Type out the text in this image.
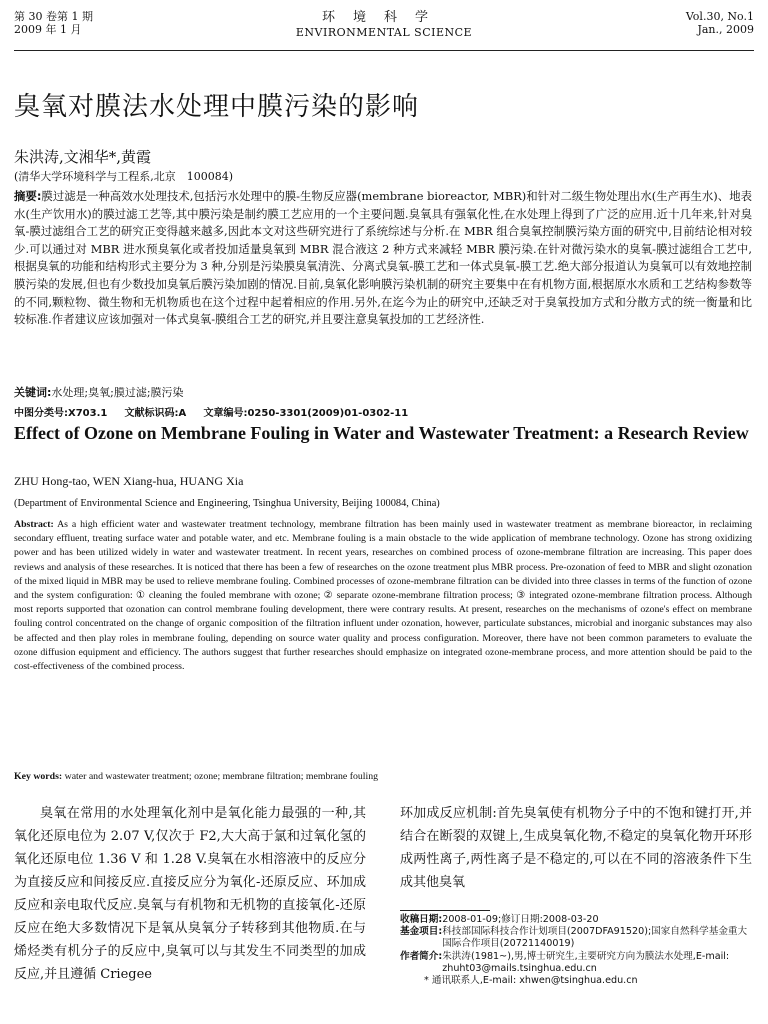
第 30 卷第 1 期
2009 年 1 月
环境科学
ENVIRONMENTAL SCIENCE
Vol.30, No.1
Jan., 2009
臭氧对膜法水处理中膜污染的影响
朱洪涛,文湘华*,黄霞
(清华大学环境科学与工程系,北京　100084)

摘要:膜过滤是一种高效水处理技术,包括污水处理中的膜-生物反应器(membrane bioreactor, MBR)和针对二级生物处理出水(生产再生水)、地表水(生产饮用水)的膜过滤工艺等,其中膜污染是制约膜工艺应用的一个主要问题.臭氧具有强氧化性,在水处理上得到了广泛的应用.近十几年来,针对臭氧-膜过滤组合工艺的研究正变得越来越多,因此本文对这些研究进行了系统综述与分析.在 MBR 组合臭氧控制膜污染方面的研究中,目前结论相对较少.可以通过对 MBR 进水预臭氧化或者投加适量臭氧到 MBR 混合液这 2 种方式来减轻 MBR 膜污染.在针对微污染水的臭氧-膜过滤组合工艺中,根据臭氧的功能和结构形式主要分为 3 种,分别是污染膜臭氧清洗、分离式臭氧-膜工艺和一体式臭氧-膜工艺.绝大部分报道认为臭氧可以有效地控制膜污染的发展,但也有少数投加臭氧后膜污染加剧的情况.目前,臭氧化影响膜污染机制的研究主要集中在有机物方面,根据原水水质和工艺结构参数等的不同,颗粒物、微生物和无机物质也在这个过程中起着相应的作用.另外,在迄今为止的研究中,还缺乏对于臭氧投加方式和分散方式的统一衡量和比较标准.作者建议应该加强对一体式臭氧-膜组合工艺的研究,并且要注意臭氧投加的工艺经济性.

关键词:水处理;臭氧;膜过滤;膜污染
中图分类号:X703.1 文献标识码:A 文章编号:0250-3301(2009)01-0302-11
Effect of Ozone on Membrane Fouling in Water and Wastewater Treatment: a Research Review
ZHU Hong-tao, WEN Xiang-hua, HUANG Xia
(Department of Environmental Science and Engineering, Tsinghua University, Beijing 100084, China)

Abstract: As a high efficient water and wastewater treatment technology, membrane filtration has been mainly used in wastewater treatment as membrane bioreactor, in reclaiming secondary effluent, treating surface water and potable water, and etc. Membrane fouling is a main obstacle to the wide application of membrane technology. Ozone has strong oxidizing power and has been utilized widely in water and wastewater treatment. In recent years, researches on combined process of ozone-membrane filtration are increasing. This paper does reviews and analysis of these researches. It is noticed that there has been a few of researches on the ozone treatment plus MBR process. Pre-ozonation of feed to MBR and slight ozonation of the mixed liquid in MBR may be used to relieve membrane fouling. Combined processes of ozone-membrane filtration can be divided into three classes in terms of the function of ozone and the system configuration: ① cleaning the fouled membrane with ozone; ② separate ozone-membrane filtration process; ③ integrated ozone-membrane filtration process. Although most reports supported that ozonation can control membrane fouling development, there were contrary results. At present, researches on the mechanisms of ozone's effect on membrane fouling control concentrated on the change of organic composition of the filtration influent under ozonation, however, particulate substances, microbial and inorganic substances may also be affected and then play roles in membrane fouling, depending on source water quality and process configuration. Moreover, there have not been common parameters to evaluate the ozone diffusion equipment and efficiency. The authors suggest that further researches should emphasize on integrated ozone-membrane process, and more attention should be paid to the cost-effectiveness of the combined process.

Key words: water and wastewater treatment; ozone; membrane filtration; membrane fouling

臭氧在常用的水处理氧化剂中是氧化能力最强的一种,其氧化还原电位为 2.07 V,仅次于 F2,大大高于氯和过氧化氢的氧化还原电位 1.36 V 和 1.28 V.臭氧在水相溶液中的反应分为直接反应和间接反应.直接反应分为氧化-还原反应、环加成反应和亲电取代反应.臭氧与有机物和无机物的直接氧化-还原反应在绝大多数情况下是氧从臭氧分子转移到其他物质.在与烯烃类有机分子的反应中,臭氧可以与其发生不同类型的加成反应,并且遵循 Criegee

环加成反应机制:首先臭氧使有机物分子中的不饱和键打开,并结合在断裂的双键上,生成臭氧化物,不稳定的臭氧化物开环形成两性离子,两性离子是不稳定的,可以在不同的溶液条件下生成其他臭氧

收稿日期: 2008-01-09;修订日期:2008-03-20
基金项目: 科技部国际科技合作计划项目(2007DFA91520);国家自然科学基金重大国际合作项目(20721140019)
作者简介: 朱洪涛(1981~),男,博士研究生,主要研究方向为膜法水处理,E-mail: zhuht03@mails.tsinghua.edu.cn
*
通讯联系人,E-mail: xhwen@tsinghua.edu.cn
